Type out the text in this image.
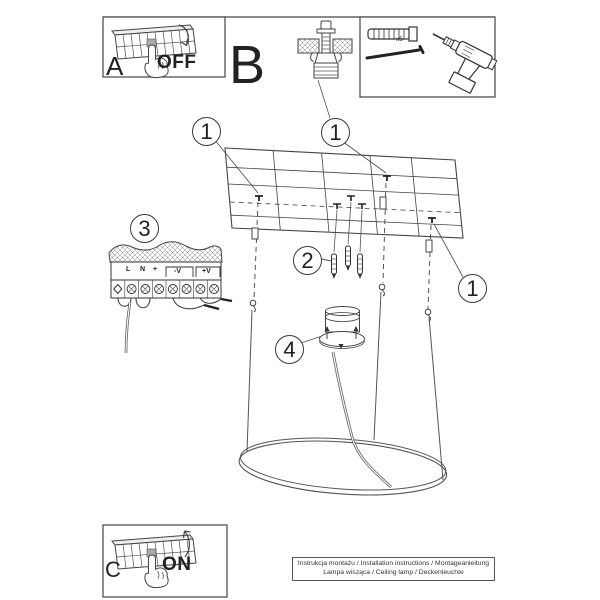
A OFF B	x5
C ON
1	1
1
2
3
4
L N + -V	+V
Instrukcja montażu / Installation instructions / Montageanleitung
Lampa wisząca / Ceiling lamp / Deckenleuchte
